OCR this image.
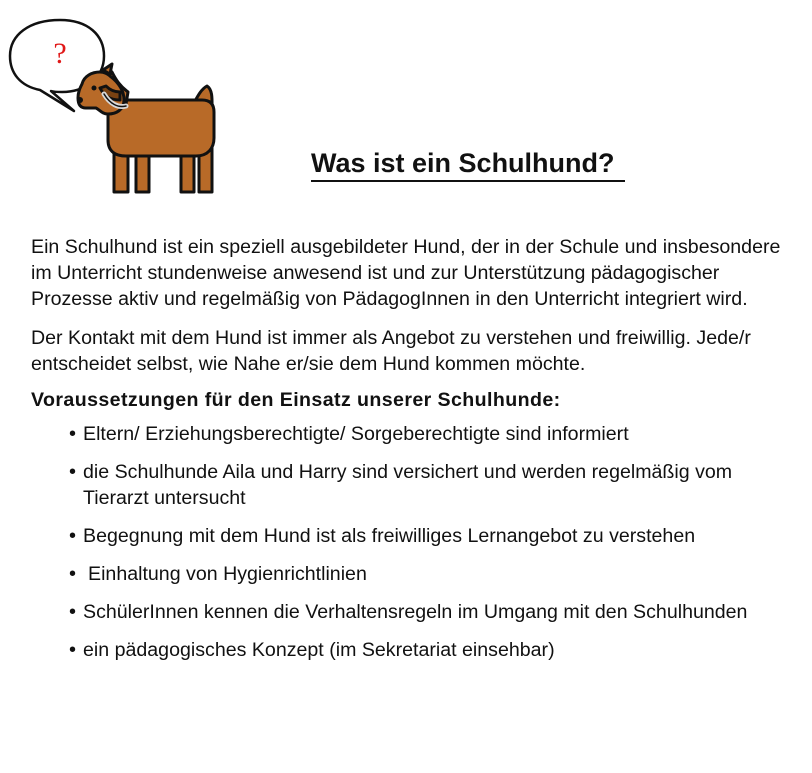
?
Was ist ein Schulhund?

Ein Schulhund ist ein speziell ausgebildeter Hund, der in der Schule und insbesondere im Unterricht stundenweise anwesend ist und zur Unterstützung pädagogischer Prozesse aktiv und regelmäßig von PädagogInnen in den Unterricht integriert wird.

Der Kontakt mit dem Hund ist immer als Angebot zu verstehen und freiwillig. Jede/r entscheidet selbst, wie Nahe er/sie dem Hund kommen möchte.

Voraussetzungen für den Einsatz unserer Schulhunde:

• Eltern/ Erziehungsberechtigte/ Sorgeberechtigte sind informiert
• die Schulhunde Aila und Harry sind versichert und werden regelmäßig vom Tierarzt untersucht
• Begegnung mit dem Hund ist als freiwilliges Lernangebot zu verstehen
• Einhaltung von Hygienrichtlinien
• SchülerInnen kennen die Verhaltensregeln im Umgang mit den Schulhunden
• ein pädagogisches Konzept (im Sekretariat einsehbar)
